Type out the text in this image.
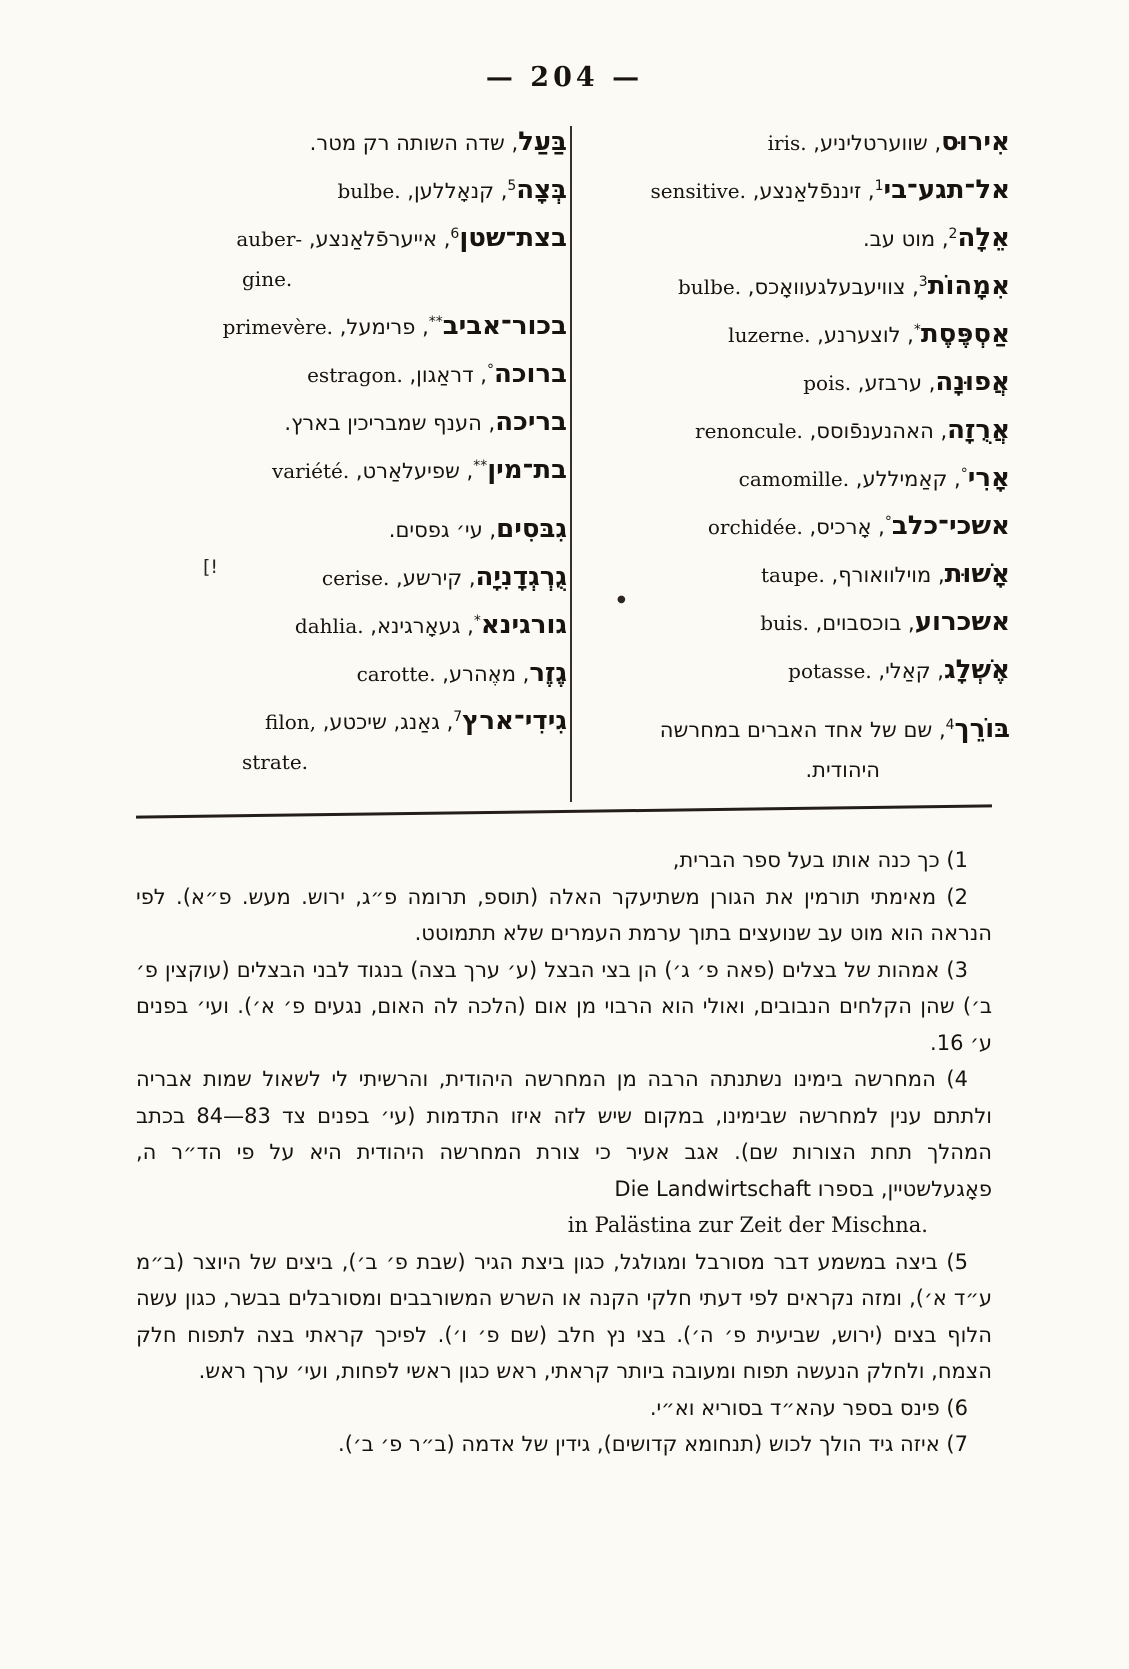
— 204 —
אִירוּס, שווערטליניע, iris.
אל־תגע־בי$^1$, זיננפֿלאַנצע, sensitive.
אֵלָה$^2$, מוט עב.
אִמָהוֹת$^3$, צוויעבעלגעוואָכס, bulbe.
אַסְפֶּסֶת*, לוצערנע, luzerne.
אֲפוּנָה, ערבזע, pois.
אֲרֻזָה, האהנענפֿוסס, renoncule.
אָרִי°, קאַמיללע, camomille.
אשכי־כלב°, אָרכיס, orchidée.
אָשׁוּת, מוילוואורף, taupe.
אשכרוע, בוכסבוים, buis.
אֶשְׁלָג, קאַלי, potasse.
בּוֹרֵך$^4$, שם של אחד האברים במחרשה
היהודית.
בַּעַל, שדה השותה רק מטר.
בְּצָה$^5$, קנאָללען, bulbe.
בצת־שטן$^6$, אייערפֿלאַנצע, auber-
gine.
בכור־אביב**, פרימעל, primevère.
ברוכה°, דראַגון, estragon.
בריכה, הענף שמבריכין בארץ.
בת־מין**, שפיעלאַרט, variété.
גִבּסִים, עי׳ גפסים.
גֻרְגְדָנִיָה, קירשע, cerise.
גורגינא*, געאָרגינא, dahlia.
גֶזֶר, מאֶהרע, carotte.
גִידִי־ארץ$^7$, גאַנג, שיכטע, filon,
strate.
[!
●

1) כך כנה אותו בעל ספר הברית,

2) מאימתי תורמין את הגורן משתיעקר האלה (תוספ, תרומה פ״ג, ירוש. מעש. פ״א). לפי הנראה הוא מוט עב שנועצים בתוך ערמת העמרים שלא תתמוטט.

3) אמהות של בצלים (פאה פ׳ ג׳) הן בצי הבצל (ע׳ ערך בצה) בנגוד לבני הבצלים (עוקצין פ׳ ב׳) שהן הקלחים הנבובים, ואולי הוא הרבוי מן אום (הלכה לה האום, נגעים פ׳ א׳). ועי׳ בפנים ע׳ 16.

4) המחרשה בימינו נשתנתה הרבה מן המחרשה היהודית, והרשיתי לי לשאול שמות אבריה ולתתם ענין למחרשה שבימינו, במקום שיש לזה איזו התדמות (עי׳ בפנים צד 83—84 בכתב המהלך תחת הצורות שם). אגב אעיר כי צורת המחרשה היהודית היא על פי הד״ר ה, פאָגעלשטיין, בספרו Die Landwirtschaft

in Palästina zur Zeit der Mischna.

5) ביצה במשמע דבר מסורבל ומגולגל, כגון ביצת הגיר (שבת פ׳ ב׳), ביצים של היוצר (ב״מ ע״ד א׳), ומזה נקראים לפי דעתי חלקי הקנה או השרש המשורבבים ומסורבלים בבשר, כגון עשה הלוף בצים (ירוש, שביעית פ׳ ה׳). בצי נץ חלב (שם פ׳ ו׳). לפיכך קראתי בצה לתפוח חלק הצמח, ולחלק הנעשה תפוח ומעובה ביותר קראתי, ראש כגון ראשי לפחות, ועי׳ ערך ראש.

6) פינס בספר עהא״ד בסוריא וא״י.

7) איזה גיד הולך לכוש (תנחומא קדושים), גידין של אדמה (ב״ר פ׳ ב׳).
